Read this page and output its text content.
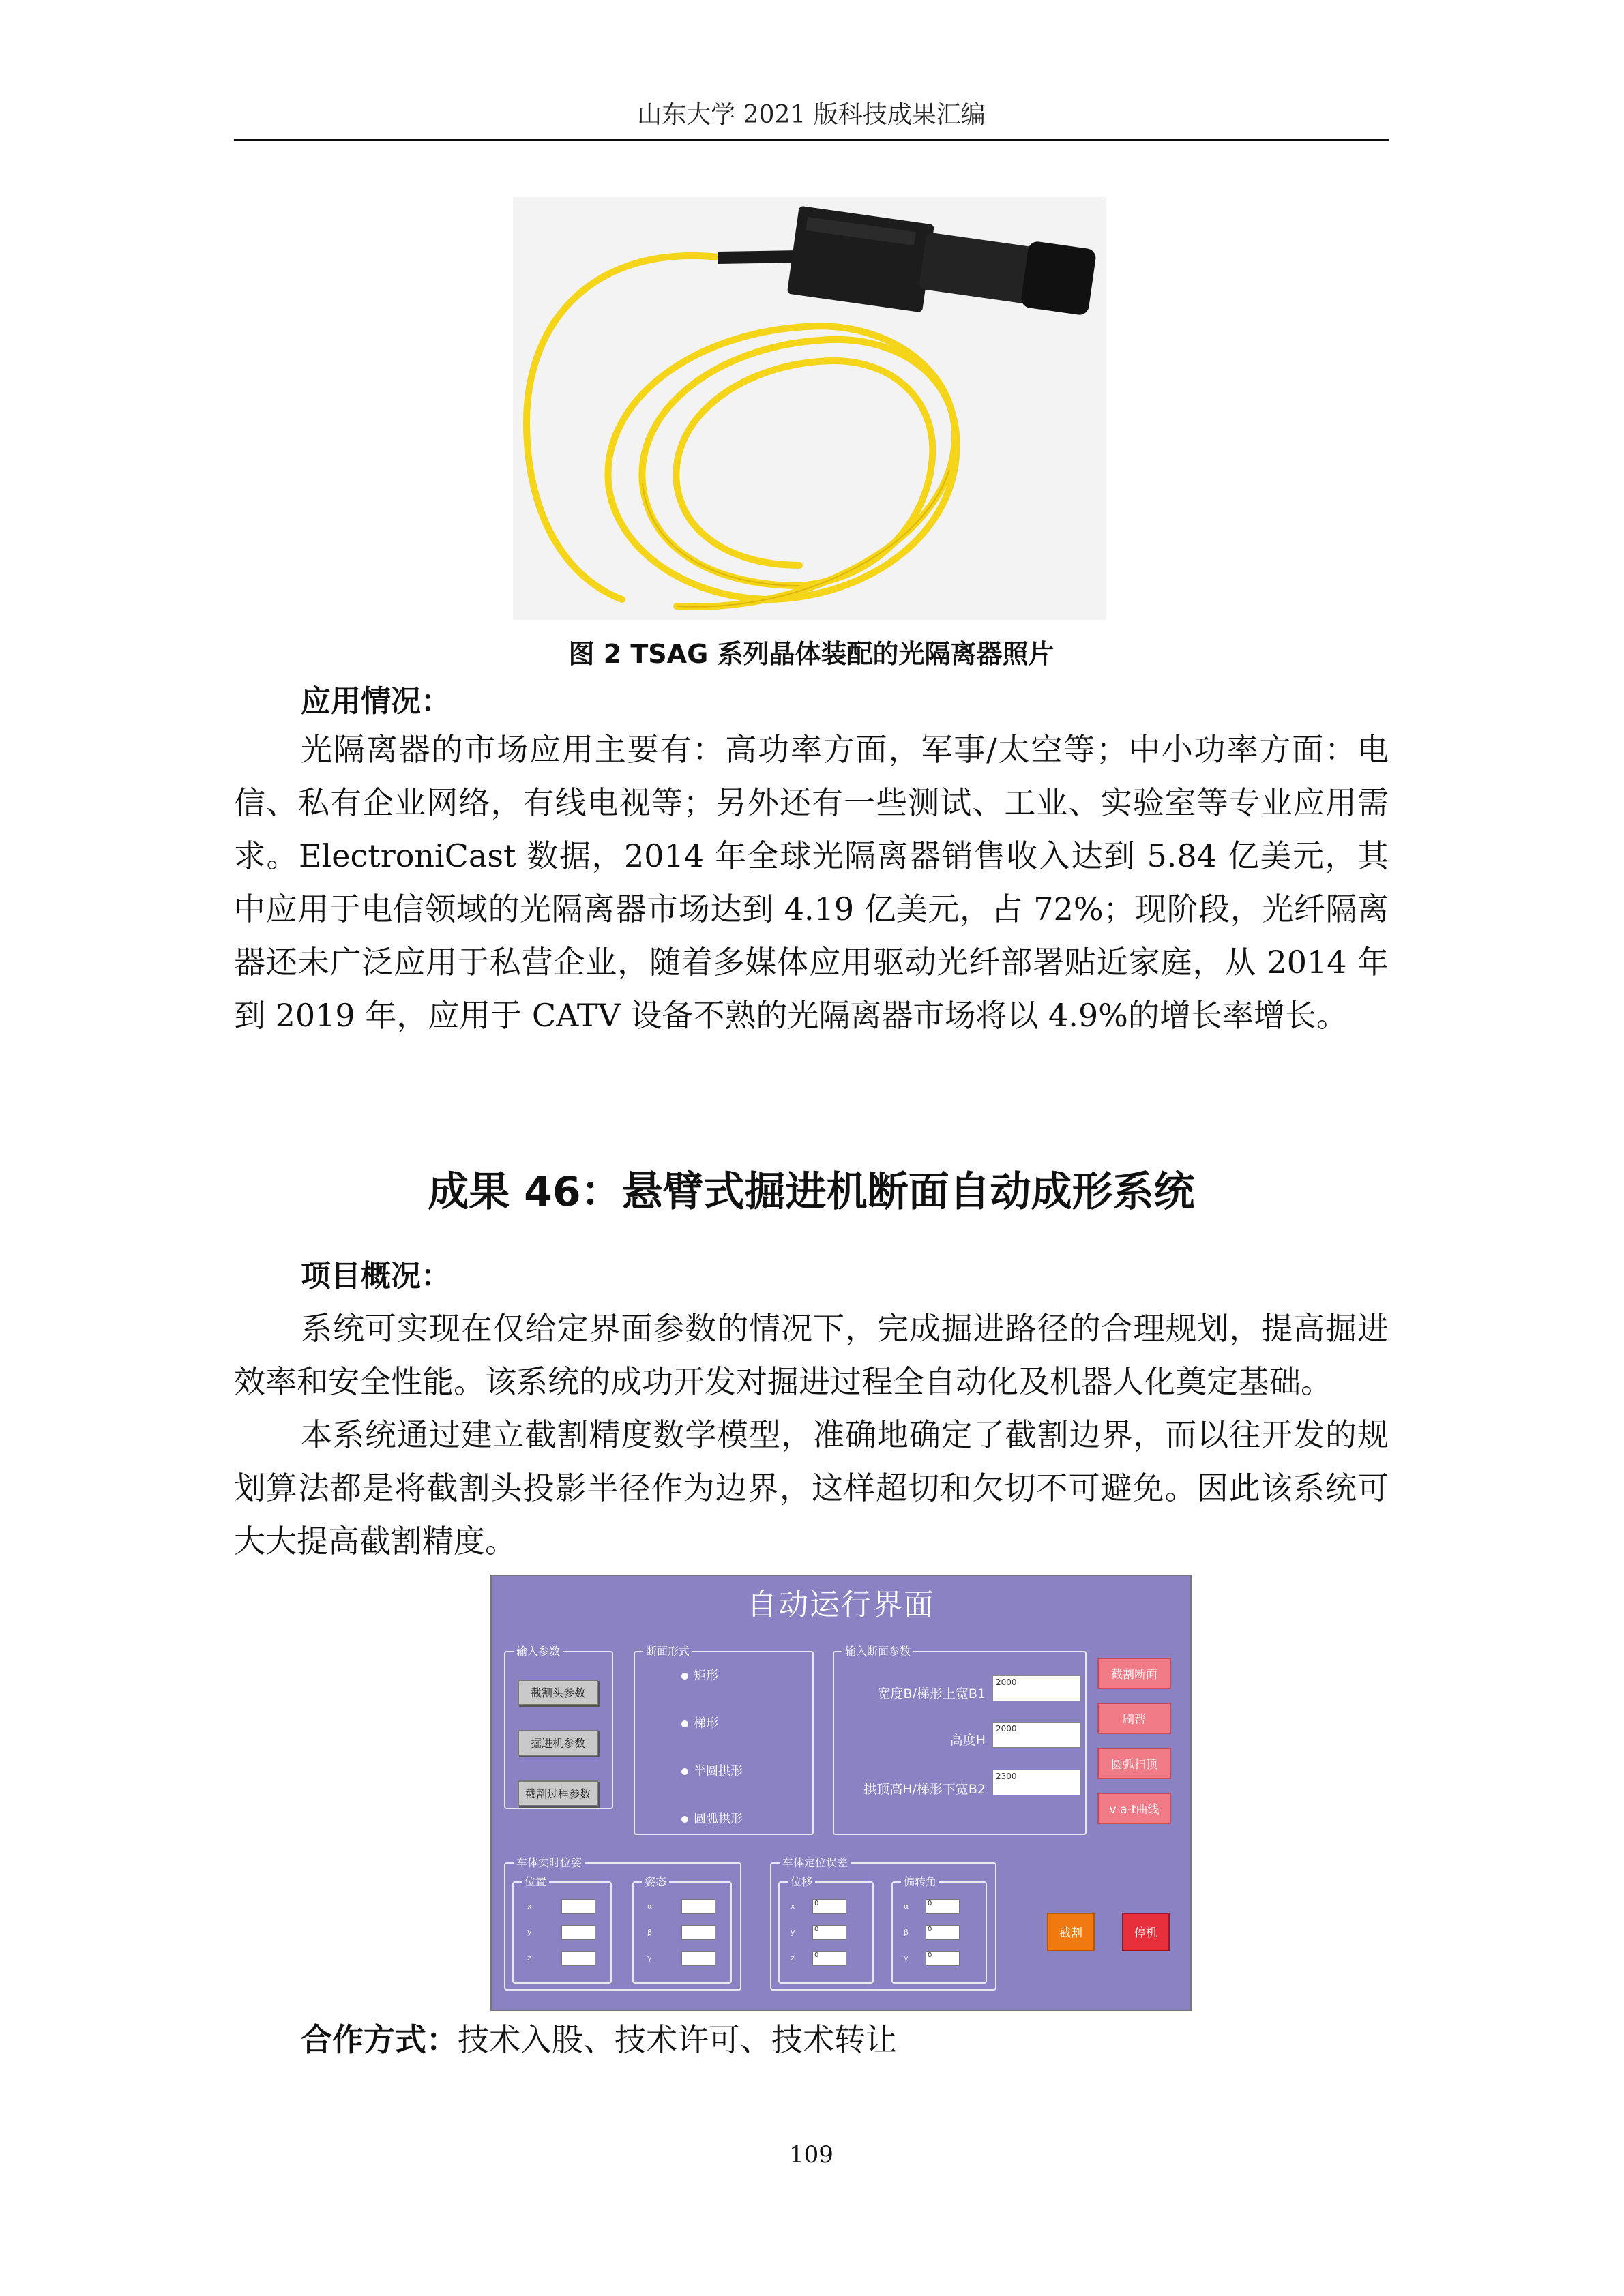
山东大学 2021 版科技成果汇编
图 2 TSAG 系列晶体装配的光隔离器照片
应用情况：

光隔离器的市场应用主要有：高功率方面，军事/太空等；中小功率方面：电信、私有企业网络，有线电视等；另外还有一些测试、工业、实验室等专业应用需求。ElectroniCast 数据，2014 年全球光隔离器销售收入达到 5.84 亿美元，其中应用于电信领域的光隔离器市场达到 4.19 亿美元，占 72%；现阶段，光纤隔离器还未广泛应用于私营企业，随着多媒体应用驱动光纤部署贴近家庭，从 2014 年到 2019 年，应用于 CATV 设备不熟的光隔离器市场将以 4.9%的增长率增长。

成果 46：悬臂式掘进机断面自动成形系统
项目概况：

系统可实现在仅给定界面参数的情况下，完成掘进路径的合理规划，提高掘进效率和安全性能。该系统的成功开发对掘进过程全自动化及机器人化奠定基础。

本系统通过建立截割精度数学模型，准确地确定了截割边界，而以往开发的规划算法都是将截割头投影半径作为边界，这样超切和欠切不可避免。因此该系统可大大提高截割精度。

自动运行界面
输入参数
截割头参数
掘进机参数
截割过程参数
断面形式
矩形
梯形
半圆拱形
圆弧拱形
输入断面参数
宽度B/梯形上宽B1
2000
高度H
2000
拱顶高H/梯形下宽B2
2300
截割断面
刷帮
圆弧扫顶
v-a-t曲线
车体实时位姿
位置
x
y
z
姿态
α
β
γ
车体定位误差
位移
x	0
y	0
z	0
偏转角
α	0
β	0
γ	0
截割	停机
合作方式：技术入股、技术许可、技术转让
109
